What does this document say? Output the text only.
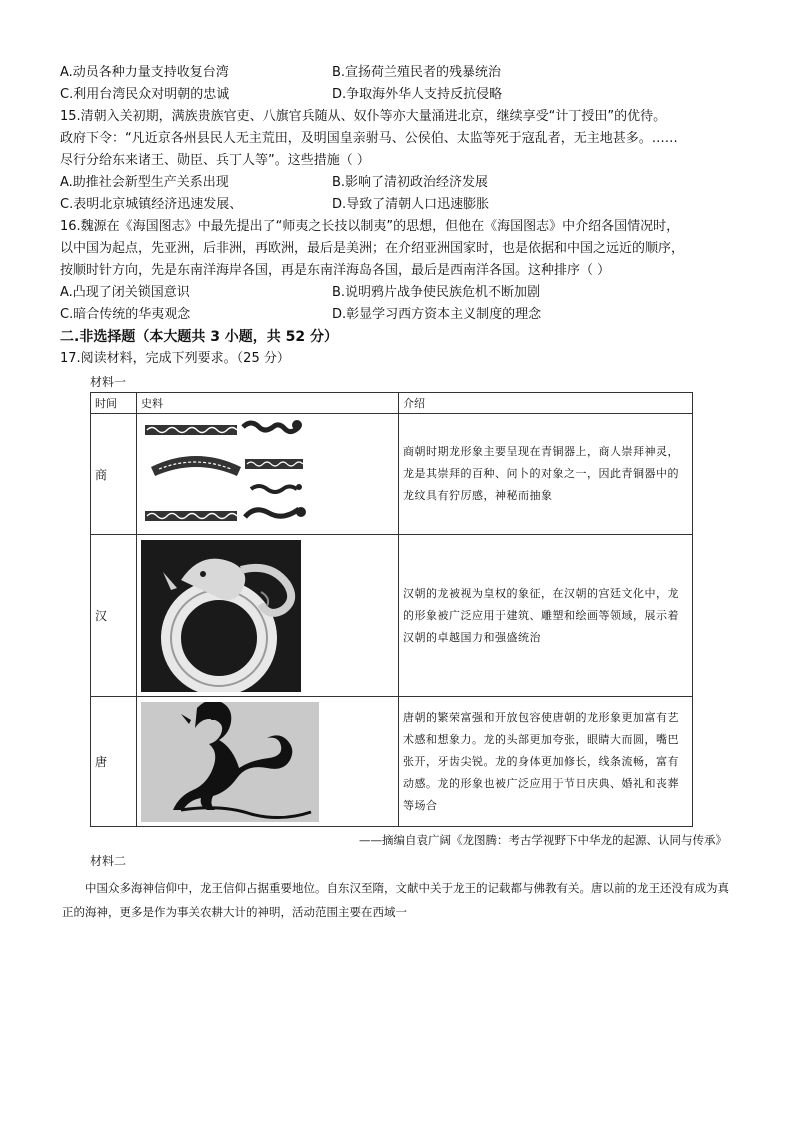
A.动员各种力量支持收复台湾	B.宣扬荷兰殖民者的残暴统治
C.利用台湾民众对明朝的忠诚	D.争取海外华人支持反抗侵略
15.清朝入关初期，满族贵族官吏、八旗官兵随从、奴仆等亦大量涌进北京，继续享受“计丁授田”的优待。
政府下令：“凡近京各州县民人无主荒田，及明国皇亲驸马、公侯伯、太监等死于寇乱者，无主地甚多。……
尽行分给东来诸王、勋臣、兵丁人等”。这些措施（ ）
A.助推社会新型生产关系出现	B.影响了清初政治经济发展
C.表明北京城镇经济迅速发展、	D.导致了清朝人口迅速膨胀
16.魏源在《海国图志》中最先提出了“师夷之长技以制夷”的思想，但他在《海国图志》中介绍各国情况时，
以中国为起点，先亚洲，后非洲，再欧洲，最后是美洲；在介绍亚洲国家时，也是依据和中国之远近的顺序，
按顺时针方向，先是东南洋海岸各国，再是东南洋海岛各国，最后是西南洋各国。这种排序（ ）
A.凸现了闭关锁国意识	B.说明鸦片战争使民族危机不断加剧
C.暗合传统的华夷观念	D.彰显学习西方资本主义制度的理念
二.非选择题（本大题共 3 小题，共 52 分）
17.阅读材料，完成下列要求。（25 分）
材料一
时间	史料	介绍
商		商朝时期龙形象主要呈现在青铜器上，商人崇拜神灵，龙是其崇拜的百种、问卜的对象之一，因此青铜器中的龙纹具有狞厉感，神秘而抽象
汉		汉朝的龙被视为皇权的象征，在汉朝的宫廷文化中，龙的形象被广泛应用于建筑、雕塑和绘画等领域，展示着汉朝的卓越国力和强盛统治
唐		唐朝的繁荣富强和开放包容使唐朝的龙形象更加富有艺术感和想象力。龙的头部更加夸张，眼睛大而圆，嘴巴张开，牙齿尖锐。龙的身体更加修长，线条流畅，富有动感。龙的形象也被广泛应用于节日庆典、婚礼和丧葬等场合
——摘编自袁广阔《龙图腾：考古学视野下中华龙的起源、认同与传承》
材料二
中国众多海神信仰中，龙王信仰占据重要地位。自东汉至隋，文献中关于龙王的记载都与佛教有关。唐以前的龙王还没有成为真正的海神，更多是作为事关农耕大计的神明，活动范围主要在西域一
